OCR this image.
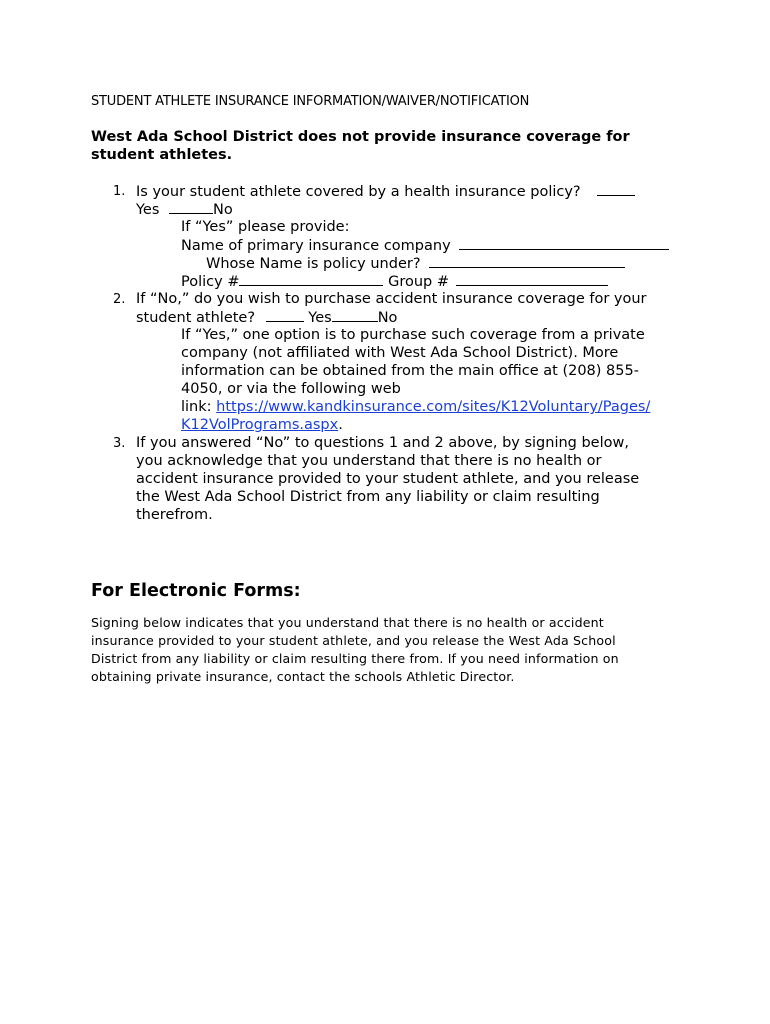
STUDENT ATHLETE INSURANCE INFORMATION/WAIVER/NOTIFICATION
West Ada School District does not provide insurance coverage for
student athletes.
1. Is your student athlete covered by a health insurance policy?
Yes	No
If “Yes” please provide:
Name of primary insurance company
Whose Name is policy under?
Policy #	Group #
2. If “No,” do you wish to purchase accident insurance coverage for your
student athlete?	Yes	No
If “Yes,” one option is to purchase such coverage from a private
company (not affiliated with West Ada School District). More
information can be obtained from the main office at (208) 855-
4050, or via the following web
link: https://www.kandkinsurance.com/sites/K12Voluntary/Pages/
K12VolPrograms.aspx.
3. If you answered “No” to questions 1 and 2 above, by signing below,
you acknowledge that you understand that there is no health or
accident insurance provided to your student athlete, and you release
the West Ada School District from any liability or claim resulting
therefrom.
For Electronic Forms:
Signing below indicates that you understand that there is no health or accident
insurance provided to your student athlete, and you release the West Ada School
District from any liability or claim resulting there from. If you need information on
obtaining private insurance, contact the schools Athletic Director.
